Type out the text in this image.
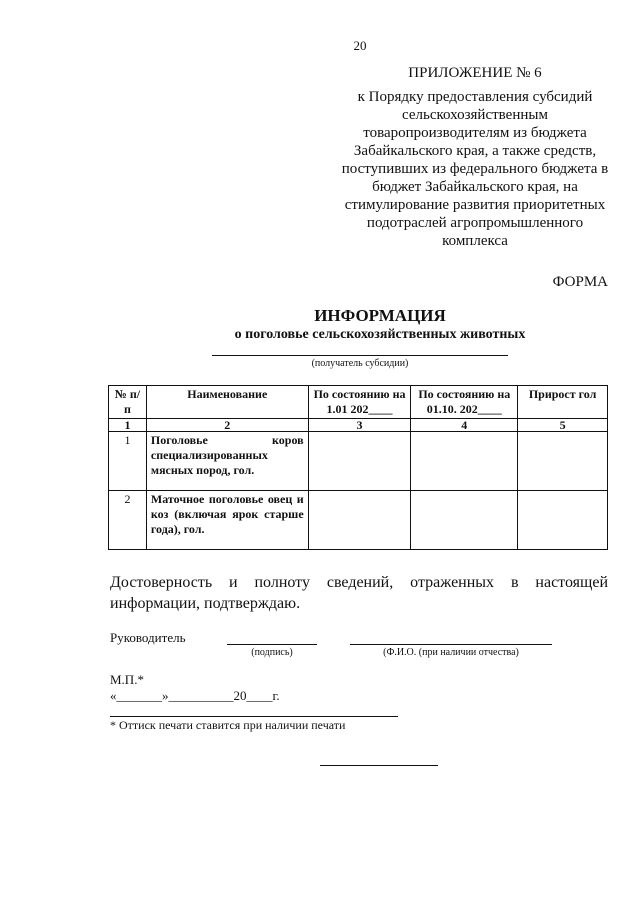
20
ПРИЛОЖЕНИЕ № 6
к Порядку предоставления субсидий сельскохозяйственным товаропроизводителям из бюджета Забайкальского края, а также средств, поступивших из федерального бюджета в бюджет Забайкальского края, на стимулирование развития приоритетных подотраслей агропромышленного комплекса
ФОРМА
ИНФОРМАЦИЯ
о поголовье сельскохозяйственных животных
(получатель субсидии)
№ п/п	Наименование	По состоянию на 1.01 202____	По состоянию на 01.10. 202____	Прирост гол
1	2	3	4	5
1	Поголовье коров специализированных мясных пород, гол.			
2	Маточное поголовье овец и коз (включая ярок старше года), гол.			
Достоверность и полноту сведений, отраженных в настоящей информации, подтверждаю.
Руководитель
(подпись)	(Ф.И.О. (при наличии отчества)
М.П.*
«_______»__________20____г.
* Оттиск печати ставится при наличии печати
